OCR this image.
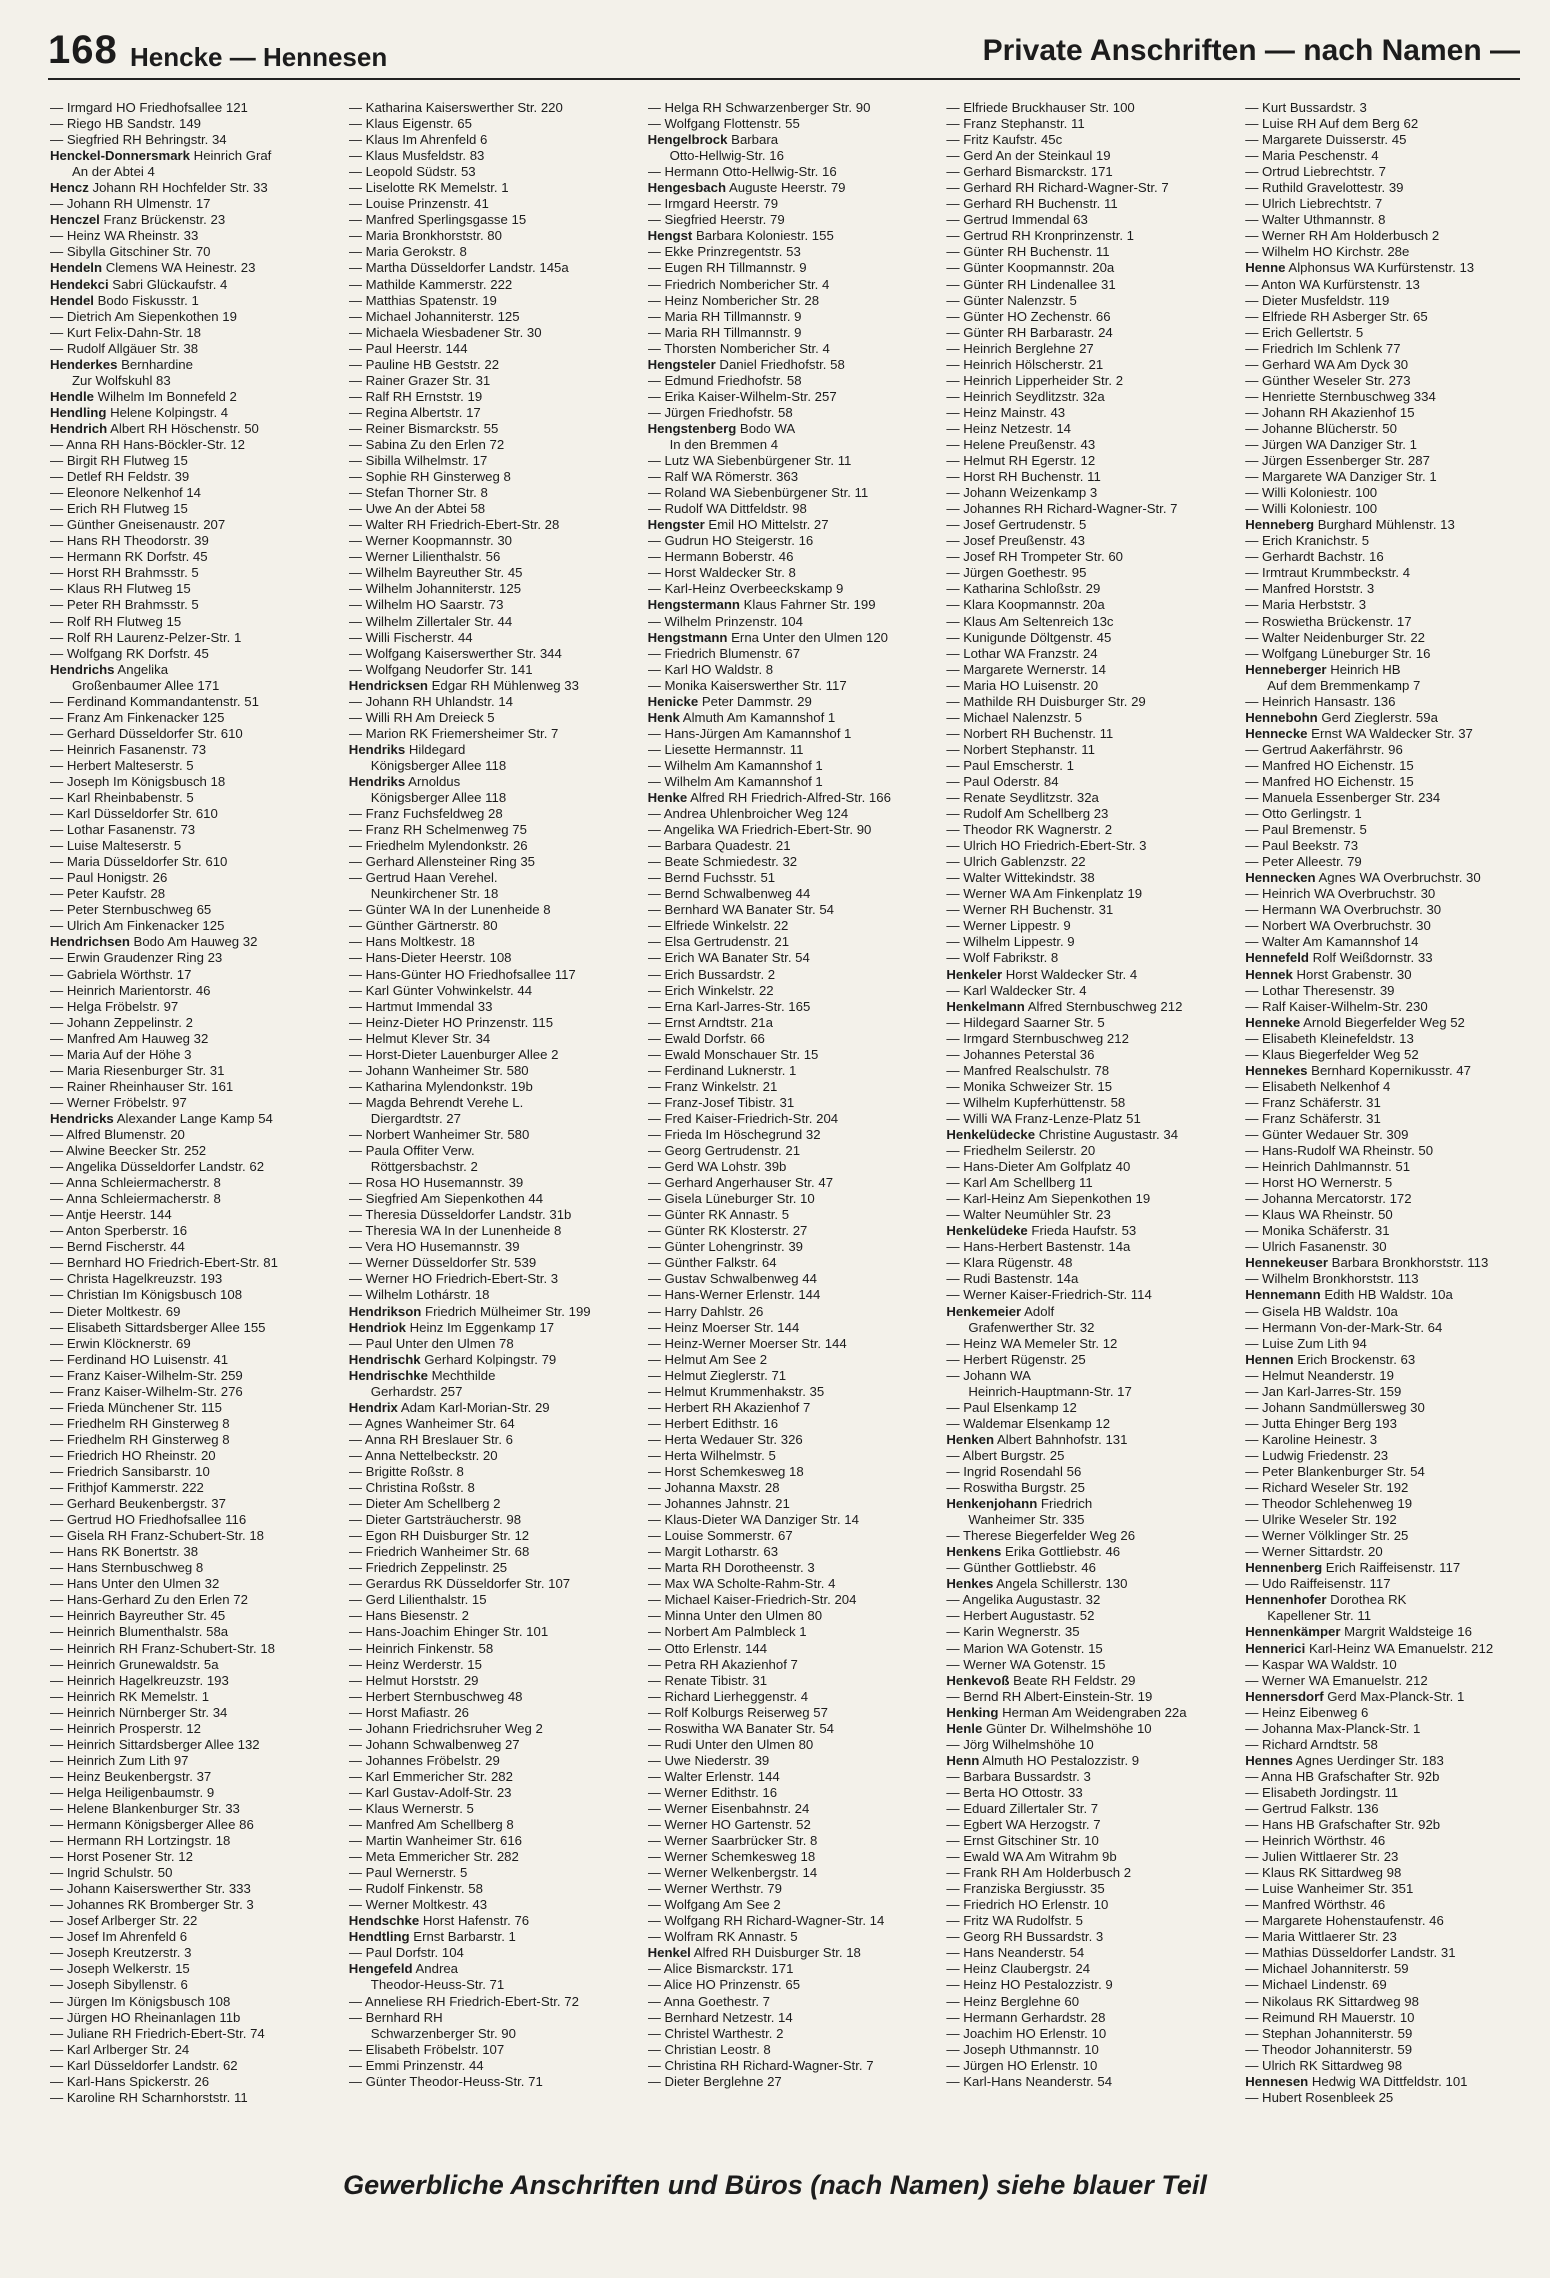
168 Hencke — Hennesen	Private Anschriften — nach Namen —
— Irmgard HO Friedhofsallee 121
— Riego HB Sandstr. 149
— Siegfried RH Behringstr. 34
Henckel-Donnersmark Heinrich Graf
An der Abtei 4
Hencz Johann RH Hochfelder Str. 33
— Johann RH Ulmenstr. 17
Henczel Franz Brückenstr. 23
— Heinz WA Rheinstr. 33
— Sibylla Gitschiner Str. 70
Hendeln Clemens WA Heinestr. 23
Hendekci Sabri Glückaufstr. 4
Hendel Bodo Fiskusstr. 1
— Dietrich Am Siepenkothen 19
— Kurt Felix-Dahn-Str. 18
— Rudolf Allgäuer Str. 38
Henderkes Bernhardine
Zur Wolfskuhl 83
Hendle Wilhelm Im Bonnefeld 2
Hendling Helene Kolpingstr. 4
Hendrich Albert RH Höschenstr. 50
— Anna RH Hans-Böckler-Str. 12
— Birgit RH Flutweg 15
— Detlef RH Feldstr. 39
— Eleonore Nelkenhof 14
— Erich RH Flutweg 15
— Günther Gneisenaustr. 207
— Hans RH Theodorstr. 39
— Hermann RK Dorfstr. 45
— Horst RH Brahmsstr. 5
— Klaus RH Flutweg 15
— Peter RH Brahmsstr. 5
— Rolf RH Flutweg 15
— Rolf RH Laurenz-Pelzer-Str. 1
— Wolfgang RK Dorfstr. 45
Hendrichs Angelika
Großenbaumer Allee 171
— Ferdinand Kommandantenstr. 51
— Franz Am Finkenacker 125
— Gerhard Düsseldorfer Str. 610
— Heinrich Fasanenstr. 73
— Herbert Malteserstr. 5
— Joseph Im Königsbusch 18
— Karl Rheinbabenstr. 5
— Karl Düsseldorfer Str. 610
— Lothar Fasanenstr. 73
— Luise Malteserstr. 5
— Maria Düsseldorfer Str. 610
— Paul Honigstr. 26
— Peter Kaufstr. 28
— Peter Sternbuschweg 65
— Ulrich Am Finkenacker 125
Hendrichsen Bodo Am Hauweg 32
— Erwin Graudenzer Ring 23
— Gabriela Wörthstr. 17
— Heinrich Marientorstr. 46
— Helga Fröbelstr. 97
— Johann Zeppelinstr. 2
— Manfred Am Hauweg 32
— Maria Auf der Höhe 3
— Maria Riesenburger Str. 31
— Rainer Rheinhauser Str. 161
— Werner Fröbelstr. 97
Hendricks Alexander Lange Kamp 54
— Alfred Blumenstr. 20
— Alwine Beecker Str. 252
— Angelika Düsseldorfer Landstr. 62
— Anna Schleiermacherstr. 8
— Anna Schleiermacherstr. 8
— Antje Heerstr. 144
— Anton Sperberstr. 16
— Bernd Fischerstr. 44
— Bernhard HO Friedrich-Ebert-Str. 81
— Christa Hagelkreuzstr. 193
— Christian Im Königsbusch 108
— Dieter Moltkestr. 69
— Elisabeth Sittardsberger Allee 155
— Erwin Klöcknerstr. 69
— Ferdinand HO Luisenstr. 41
— Franz Kaiser-Wilhelm-Str. 259
— Franz Kaiser-Wilhelm-Str. 276
— Frieda Münchener Str. 115
— Friedhelm RH Ginsterweg 8
— Friedhelm RH Ginsterweg 8
— Friedrich HO Rheinstr. 20
— Friedrich Sansibarstr. 10
— Frithjof Kammerstr. 222
— Gerhard Beukenbergstr. 37
— Gertrud HO Friedhofsallee 116
— Gisela RH Franz-Schubert-Str. 18
— Hans RK Bonertstr. 38
— Hans Sternbuschweg 8
— Hans Unter den Ulmen 32
— Hans-Gerhard Zu den Erlen 72
— Heinrich Bayreuther Str. 45
— Heinrich Blumenthalstr. 58a
— Heinrich RH Franz-Schubert-Str. 18
— Heinrich Grunewaldstr. 5a
— Heinrich Hagelkreuzstr. 193
— Heinrich RK Memelstr. 1
— Heinrich Nürnberger Str. 34
— Heinrich Prosperstr. 12
— Heinrich Sittardsberger Allee 132
— Heinrich Zum Lith 97
— Heinz Beukenbergstr. 37
— Helga Heiligenbaumstr. 9
— Helene Blankenburger Str. 33
— Hermann Königsberger Allee 86
— Hermann RH Lortzingstr. 18
— Horst Posener Str. 12
— Ingrid Schulstr. 50
— Johann Kaiserswerther Str. 333
— Johannes RK Bromberger Str. 3
— Josef Arlberger Str. 22
— Josef Im Ahrenfeld 6
— Joseph Kreutzerstr. 3
— Joseph Welkerstr. 15
— Joseph Sibyllenstr. 6
— Jürgen Im Königsbusch 108
— Jürgen HO Rheinanlagen 11b
— Juliane RH Friedrich-Ebert-Str. 74
— Karl Arlberger Str. 24
— Karl Düsseldorfer Landstr. 62
— Karl-Hans Spickerstr. 26
— Karoline RH Scharnhorststr. 11
— Katharina Kaiserswerther Str. 220
— Klaus Eigenstr. 65
— Klaus Im Ahrenfeld 6
— Klaus Musfeldstr. 83
— Leopold Südstr. 53
— Liselotte RK Memelstr. 1
— Louise Prinzenstr. 41
— Manfred Sperlingsgasse 15
— Maria Bronkhorststr. 80
— Maria Gerokstr. 8
— Martha Düsseldorfer Landstr. 145a
— Mathilde Kammerstr. 222
— Matthias Spatenstr. 19
— Michael Johanniterstr. 125
— Michaela Wiesbadener Str. 30
— Paul Heerstr. 144
— Pauline HB Geststr. 22
— Rainer Grazer Str. 31
— Ralf RH Ernststr. 19
— Regina Albertstr. 17
— Reiner Bismarckstr. 55
— Sabina Zu den Erlen 72
— Sibilla Wilhelmstr. 17
— Sophie RH Ginsterweg 8
— Stefan Thorner Str. 8
— Uwe An der Abtei 58
— Walter RH Friedrich-Ebert-Str. 28
— Werner Koopmannstr. 30
— Werner Lilienthalstr. 56
— Wilhelm Bayreuther Str. 45
— Wilhelm Johanniterstr. 125
— Wilhelm HO Saarstr. 73
— Wilhelm Zillertaler Str. 44
— Willi Fischerstr. 44
— Wolfgang Kaiserswerther Str. 344
— Wolfgang Neudorfer Str. 141
Hendricksen Edgar RH Mühlenweg 33
— Johann RH Uhlandstr. 14
— Willi RH Am Dreieck 5
— Marion RK Friemersheimer Str. 7
Hendriks Hildegard
Königsberger Allee 118
Hendriks Arnoldus
Königsberger Allee 118
— Franz Fuchsfeldweg 28
— Franz RH Schelmenweg 75
— Friedhelm Mylendonkstr. 26
— Gerhard Allensteiner Ring 35
— Gertrud Haan Verehel.
Neunkirchener Str. 18
— Günter WA In der Lunenheide 8
— Günther Gärtnerstr. 80
— Hans Moltkestr. 18
— Hans-Dieter Heerstr. 108
— Hans-Günter HO Friedhofsallee 117
— Karl Günter Vohwinkelstr. 44
— Hartmut Immendal 33
— Heinz-Dieter HO Prinzenstr. 115
— Helmut Klever Str. 34
— Horst-Dieter Lauenburger Allee 2
— Johann Wanheimer Str. 580
— Katharina Mylendonkstr. 19b
— Magda Behrendt Verehe L.
Diergardtstr. 27
— Norbert Wanheimer Str. 580
— Paula Offiter Verw.
Röttgersbachstr. 2
— Rosa HO Husemannstr. 39
— Siegfried Am Siepenkothen 44
— Theresia Düsseldorfer Landstr. 31b
— Theresia WA In der Lunenheide 8
— Vera HO Husemannstr. 39
— Werner Düsseldorfer Str. 539
— Werner HO Friedrich-Ebert-Str. 3
— Wilhelm Lothárstr. 18
Hendrikson Friedrich Mülheimer Str. 199
Hendriok Heinz Im Eggenkamp 17
— Paul Unter den Ulmen 78
Hendrischk Gerhard Kolpingstr. 79
Hendrischke Mechthilde
Gerhardstr. 257
Hendrix Adam Karl-Morian-Str. 29
— Agnes Wanheimer Str. 64
— Anna RH Breslauer Str. 6
— Anna Nettelbeckstr. 20
— Brigitte Roßstr. 8
— Christina Roßstr. 8
— Dieter Am Schellberg 2
— Dieter Gartsträucherstr. 98
— Egon RH Duisburger Str. 12
— Friedrich Wanheimer Str. 68
— Friedrich Zeppelinstr. 25
— Gerardus RK Düsseldorfer Str. 107
— Gerd Lilienthalstr. 15
— Hans Biesenstr. 2
— Hans-Joachim Ehinger Str. 101
— Heinrich Finkenstr. 58
— Heinz Werderstr. 15
— Helmut Horststr. 29
— Herbert Sternbuschweg 48
— Horst Mafiastr. 26
— Johann Friedrichsruher Weg 2
— Johann Schwalbenweg 27
— Johannes Fröbelstr. 29
— Karl Emmericher Str. 282
— Karl Gustav-Adolf-Str. 23
— Klaus Wernerstr. 5
— Manfred Am Schellberg 8
— Martin Wanheimer Str. 616
— Meta Emmericher Str. 282
— Paul Wernerstr. 5
— Rudolf Finkenstr. 58
— Werner Moltkestr. 43
Hendschke Horst Hafenstr. 76
Hendtling Ernst Barbarstr. 1
— Paul Dorfstr. 104
Hengefeld Andrea
Theodor-Heuss-Str. 71
— Anneliese RH Friedrich-Ebert-Str. 72
— Bernhard RH
Schwarzenberger Str. 90
— Elisabeth Fröbelstr. 107
— Emmi Prinzenstr. 44
— Günter Theodor-Heuss-Str. 71
— Helga RH Schwarzenberger Str. 90
— Wolfgang Flottenstr. 55
Hengelbrock Barbara
Otto-Hellwig-Str. 16
— Hermann Otto-Hellwig-Str. 16
Hengesbach Auguste Heerstr. 79
— Irmgard Heerstr. 79
— Siegfried Heerstr. 79
Hengst Barbara Koloniestr. 155
— Ekke Prinzregentstr. 53
— Eugen RH Tillmannstr. 9
— Friedrich Nombericher Str. 4
— Heinz Nombericher Str. 28
— Maria RH Tillmannstr. 9
— Maria RH Tillmannstr. 9
— Thorsten Nombericher Str. 4
Hengsteler Daniel Friedhofstr. 58
— Edmund Friedhofstr. 58
— Erika Kaiser-Wilhelm-Str. 257
— Jürgen Friedhofstr. 58
Hengstenberg Bodo WA
In den Bremmen 4
— Lutz WA Siebenbürgener Str. 11
— Ralf WA Römerstr. 363
— Roland WA Siebenbürgener Str. 11
— Rudolf WA Dittfeldstr. 98
Hengster Emil HO Mittelstr. 27
— Gudrun HO Steigerstr. 16
— Hermann Boberstr. 46
— Horst Waldecker Str. 8
— Karl-Heinz Overbeeckskamp 9
Hengstermann Klaus Fahrner Str. 199
— Wilhelm Prinzenstr. 104
Hengstmann Erna Unter den Ulmen 120
— Friedrich Blumenstr. 67
— Karl HO Waldstr. 8
— Monika Kaiserswerther Str. 117
Henicke Peter Dammstr. 29
Henk Almuth Am Kamannshof 1
— Hans-Jürgen Am Kamannshof 1
— Liesette Hermannstr. 11
— Wilhelm Am Kamannshof 1
— Wilhelm Am Kamannshof 1
Henke Alfred RH Friedrich-Alfred-Str. 166
— Andrea Uhlenbroicher Weg 124
— Angelika WA Friedrich-Ebert-Str. 90
— Barbara Quadestr. 21
— Beate Schmiedestr. 32
— Bernd Fuchsstr. 51
— Bernd Schwalbenweg 44
— Bernhard WA Banater Str. 54
— Elfriede Winkelstr. 22
— Elsa Gertrudenstr. 21
— Erich WA Banater Str. 54
— Erich Bussardstr. 2
— Erich Winkelstr. 22
— Erna Karl-Jarres-Str. 165
— Ernst Arndtstr. 21a
— Ewald Dorfstr. 66
— Ewald Monschauer Str. 15
— Ferdinand Luknerstr. 1
— Franz Winkelstr. 21
— Franz-Josef Tibistr. 31
— Fred Kaiser-Friedrich-Str. 204
— Frieda Im Höschegrund 32
— Georg Gertrudenstr. 21
— Gerd WA Lohstr. 39b
— Gerhard Angerhauser Str. 47
— Gisela Lüneburger Str. 10
— Günter RK Annastr. 5
— Günter RK Klosterstr. 27
— Günter Lohengrinstr. 39
— Günther Falkstr. 64
— Gustav Schwalbenweg 44
— Hans-Werner Erlenstr. 144
— Harry Dahlstr. 26
— Heinz Moerser Str. 144
— Heinz-Werner Moerser Str. 144
— Helmut Am See 2
— Helmut Zieglerstr. 71
— Helmut Krummenhakstr. 35
— Herbert RH Akazienhof 7
— Herbert Edithstr. 16
— Herta Wedauer Str. 326
— Herta Wilhelmstr. 5
— Horst Schemkesweg 18
— Johanna Maxstr. 28
— Johannes Jahnstr. 21
— Klaus-Dieter WA Danziger Str. 14
— Louise Sommerstr. 67
— Margit Lotharstr. 63
— Marta RH Dorotheenstr. 3
— Max WA Scholte-Rahm-Str. 4
— Michael Kaiser-Friedrich-Str. 204
— Minna Unter den Ulmen 80
— Norbert Am Palmbleck 1
— Otto Erlenstr. 144
— Petra RH Akazienhof 7
— Renate Tibistr. 31
— Richard Lierheggenstr. 4
— Rolf Kolburgs Reiserweg 57
— Roswitha WA Banater Str. 54
— Rudi Unter den Ulmen 80
— Uwe Niederstr. 39
— Walter Erlenstr. 144
— Werner Edithstr. 16
— Werner Eisenbahnstr. 24
— Werner HO Gartenstr. 52
— Werner Saarbrücker Str. 8
— Werner Schemkesweg 18
— Werner Welkenbergstr. 14
— Werner Werthstr. 79
— Wolfgang Am See 2
— Wolfgang RH Richard-Wagner-Str. 14
— Wolfram RK Annastr. 5
Henkel Alfred RH Duisburger Str. 18
— Alice Bismarckstr. 171
— Alice HO Prinzenstr. 65
— Anna Goethestr. 7
— Bernhard Netzestr. 14
— Christel Warthestr. 2
— Christian Leostr. 8
— Christina RH Richard-Wagner-Str. 7
— Dieter Berglehne 27
— Elfriede Bruckhauser Str. 100
— Franz Stephanstr. 11
— Fritz Kaufstr. 45c
— Gerd An der Steinkaul 19
— Gerhard Bismarckstr. 171
— Gerhard RH Richard-Wagner-Str. 7
— Gerhard RH Buchenstr. 11
— Gertrud Immendal 63
— Gertrud RH Kronprinzenstr. 1
— Günter RH Buchenstr. 11
— Günter Koopmannstr. 20a
— Günter RH Lindenallee 31
— Günter Nalenzstr. 5
— Günter HO Zechenstr. 66
— Günter RH Barbarastr. 24
— Heinrich Berglehne 27
— Heinrich Hölscherstr. 21
— Heinrich Lipperheider Str. 2
— Heinrich Seydlitzstr. 32a
— Heinz Mainstr. 43
— Heinz Netzestr. 14
— Helene Preußenstr. 43
— Helmut RH Egerstr. 12
— Horst RH Buchenstr. 11
— Johann Weizenkamp 3
— Johannes RH Richard-Wagner-Str. 7
— Josef Gertrudenstr. 5
— Josef Preußenstr. 43
— Josef RH Trompeter Str. 60
— Jürgen Goethestr. 95
— Katharina Schloßstr. 29
— Klara Koopmannstr. 20a
— Klaus Am Seltenreich 13c
— Kunigunde Döltgenstr. 45
— Lothar WA Franzstr. 24
— Margarete Wernerstr. 14
— Maria HO Luisenstr. 20
— Mathilde RH Duisburger Str. 29
— Michael Nalenzstr. 5
— Norbert RH Buchenstr. 11
— Norbert Stephanstr. 11
— Paul Emscherstr. 1
— Paul Oderstr. 84
— Renate Seydlitzstr. 32a
— Rudolf Am Schellberg 23
— Theodor RK Wagnerstr. 2
— Ulrich HO Friedrich-Ebert-Str. 3
— Ulrich Gablenzstr. 22
— Walter Wittekindstr. 38
— Werner WA Am Finkenplatz 19
— Werner RH Buchenstr. 31
— Werner Lippestr. 9
— Wilhelm Lippestr. 9
— Wolf Fabrikstr. 8
Henkeler Horst Waldecker Str. 4
— Karl Waldecker Str. 4
Henkelmann Alfred Sternbuschweg 212
— Hildegard Saarner Str. 5
— Irmgard Sternbuschweg 212
— Johannes Peterstal 36
— Manfred Realschulstr. 78
— Monika Schweizer Str. 15
— Wilhelm Kupferhüttenstr. 58
— Willi WA Franz-Lenze-Platz 51
Henkelüdecke Christine Augustastr. 34
— Friedhelm Seilerstr. 20
— Hans-Dieter Am Golfplatz 40
— Karl Am Schellberg 11
— Karl-Heinz Am Siepenkothen 19
— Walter Neumühler Str. 23
Henkelüdeke Frieda Haufstr. 53
— Hans-Herbert Bastenstr. 14a
— Klara Rügenstr. 48
— Rudi Bastenstr. 14a
— Werner Kaiser-Friedrich-Str. 114
Henkemeier Adolf
Grafenwerther Str. 32
— Heinz WA Memeler Str. 12
— Herbert Rügenstr. 25
— Johann WA
Heinrich-Hauptmann-Str. 17
— Paul Elsenkamp 12
— Waldemar Elsenkamp 12
Henken Albert Bahnhofstr. 131
— Albert Burgstr. 25
— Ingrid Rosendahl 56
— Roswitha Burgstr. 25
Henkenjohann Friedrich
Wanheimer Str. 335
— Therese Biegerfelder Weg 26
Henkens Erika Gottliebstr. 46
— Günther Gottliebstr. 46
Henkes Angela Schillerstr. 130
— Angelika Augustastr. 32
— Herbert Augustastr. 52
— Karin Wegnerstr. 35
— Marion WA Gotenstr. 15
— Werner WA Gotenstr. 15
Henkevoß Beate RH Feldstr. 29
— Bernd RH Albert-Einstein-Str. 19
Henking Herman Am Weidengraben 22a
Henle Günter Dr. Wilhelmshöhe 10
— Jörg Wilhelmshöhe 10
Henn Almuth HO Pestalozzistr. 9
— Barbara Bussardstr. 3
— Berta HO Ottostr. 33
— Eduard Zillertaler Str. 7
— Egbert WA Herzogstr. 7
— Ernst Gitschiner Str. 10
— Ewald WA Am Witrahm 9b
— Frank RH Am Holderbusch 2
— Franziska Bergiusstr. 35
— Friedrich HO Erlenstr. 10
— Fritz WA Rudolfstr. 5
— Georg RH Bussardstr. 3
— Hans Neanderstr. 54
— Heinz Claubergstr. 24
— Heinz HO Pestalozzistr. 9
— Heinz Berglehne 60
— Hermann Gerhardstr. 28
— Joachim HO Erlenstr. 10
— Joseph Uthmannstr. 10
— Jürgen HO Erlenstr. 10
— Karl-Hans Neanderstr. 54
— Kurt Bussardstr. 3
— Luise RH Auf dem Berg 62
— Margarete Duisserstr. 45
— Maria Peschenstr. 4
— Ortrud Liebrechtstr. 7
— Ruthild Gravelottestr. 39
— Ulrich Liebrechtstr. 7
— Walter Uthmannstr. 8
— Werner RH Am Holderbusch 2
— Wilhelm HO Kirchstr. 28e
Henne Alphonsus WA Kurfürstenstr. 13
— Anton WA Kurfürstenstr. 13
— Dieter Musfeldstr. 119
— Elfriede RH Asberger Str. 65
— Erich Gellertstr. 5
— Friedrich Im Schlenk 77
— Gerhard WA Am Dyck 30
— Günther Weseler Str. 273
— Henriette Sternbuschweg 334
— Johann RH Akazienhof 15
— Johanne Blücherstr. 50
— Jürgen WA Danziger Str. 1
— Jürgen Essenberger Str. 287
— Margarete WA Danziger Str. 1
— Willi Koloniestr. 100
— Willi Koloniestr. 100
Henneberg Burghard Mühlenstr. 13
— Erich Kranichstr. 5
— Gerhardt Bachstr. 16
— Irmtraut Krummbeckstr. 4
— Manfred Horststr. 3
— Maria Herbststr. 3
— Roswietha Brückenstr. 17
— Walter Neidenburger Str. 22
— Wolfgang Lüneburger Str. 16
Henneberger Heinrich HB
Auf dem Bremmenkamp 7
— Heinrich Hansastr. 136
Hennebohn Gerd Zieglerstr. 59a
Hennecke Ernst WA Waldecker Str. 37
— Gertrud Aakerfährstr. 96
— Manfred HO Eichenstr. 15
— Manfred HO Eichenstr. 15
— Manuela Essenberger Str. 234
— Otto Gerlingstr. 1
— Paul Bremenstr. 5
— Paul Beekstr. 73
— Peter Alleestr. 79
Hennecken Agnes WA Overbruchstr. 30
— Heinrich WA Overbruchstr. 30
— Hermann WA Overbruchstr. 30
— Norbert WA Overbruchstr. 30
— Walter Am Kamannshof 14
Hennefeld Rolf Weißdornstr. 33
Hennek Horst Grabenstr. 30
— Lothar Theresenstr. 39
— Ralf Kaiser-Wilhelm-Str. 230
Henneke Arnold Biegerfelder Weg 52
— Elisabeth Kleinefeldstr. 13
— Klaus Biegerfelder Weg 52
Hennekes Bernhard Kopernikusstr. 47
— Elisabeth Nelkenhof 4
— Franz Schäferstr. 31
— Franz Schäferstr. 31
— Günter Wedauer Str. 309
— Hans-Rudolf WA Rheinstr. 50
— Heinrich Dahlmannstr. 51
— Horst HO Wernerstr. 5
— Johanna Mercatorstr. 172
— Klaus WA Rheinstr. 50
— Monika Schäferstr. 31
— Ulrich Fasanenstr. 30
Hennekeuser Barbara Bronkhorststr. 113
— Wilhelm Bronkhorststr. 113
Hennemann Edith HB Waldstr. 10a
— Gisela HB Waldstr. 10a
— Hermann Von-der-Mark-Str. 64
— Luise Zum Lith 94
Hennen Erich Brockenstr. 63
— Helmut Neanderstr. 19
— Jan Karl-Jarres-Str. 159
— Johann Sandmüllersweg 30
— Jutta Ehinger Berg 193
— Karoline Heinestr. 3
— Ludwig Friedenstr. 23
— Peter Blankenburger Str. 54
— Richard Weseler Str. 192
— Theodor Schlehenweg 19
— Ulrike Weseler Str. 192
— Werner Völklinger Str. 25
— Werner Sittardstr. 20
Hennenberg Erich Raiffeisenstr. 117
— Udo Raiffeisenstr. 117
Hennenhofer Dorothea RK
Kapellener Str. 11
Hennenkämper Margrit Waldsteige 16
Hennerici Karl-Heinz WA Emanuelstr. 212
— Kaspar WA Waldstr. 10
— Werner WA Emanuelstr. 212
Hennersdorf Gerd Max-Planck-Str. 1
— Heinz Eibenweg 6
— Johanna Max-Planck-Str. 1
— Richard Arndtstr. 58
Hennes Agnes Uerdinger Str. 183
— Anna HB Grafschafter Str. 92b
— Elisabeth Jordingstr. 11
— Gertrud Falkstr. 136
— Hans HB Grafschafter Str. 92b
— Heinrich Wörthstr. 46
— Julien Wittlaerer Str. 23
— Klaus RK Sittardweg 98
— Luise Wanheimer Str. 351
— Manfred Wörthstr. 46
— Margarete Hohenstaufenstr. 46
— Maria Wittlaerer Str. 23
— Mathias Düsseldorfer Landstr. 31
— Michael Johanniterstr. 59
— Michael Lindenstr. 69
— Nikolaus RK Sittardweg 98
— Reimund RH Mauerstr. 10
— Stephan Johanniterstr. 59
— Theodor Johanniterstr. 59
— Ulrich RK Sittardweg 98
Hennesen Hedwig WA Dittfeldstr. 101
— Hubert Rosenbleek 25
Gewerbliche Anschriften und Büros (nach Namen) siehe blauer Teil
